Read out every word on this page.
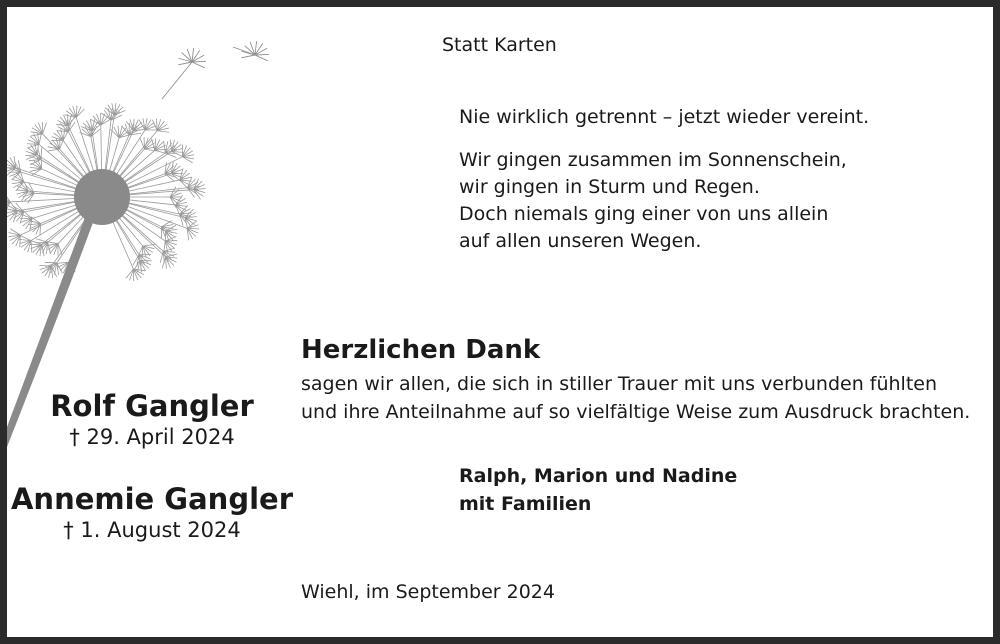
Statt Karten
Nie wirklich getrennt – jetzt wieder vereint.
Wir gingen zusammen im Sonnenschein,
wir gingen in Sturm und Regen.
Doch niemals ging einer von uns allein
auf allen unseren Wegen.
Herzlichen Dank
sagen wir allen, die sich in stiller Trauer mit uns verbunden fühlten
und ihre Anteilnahme auf so vielfältige Weise zum Ausdruck brachten.
Rolf Gangler
† 29. April 2024
Annemie Gangler
† 1. August 2024
Ralph, Marion und Nadine
mit Familien
Wiehl, im September 2024
